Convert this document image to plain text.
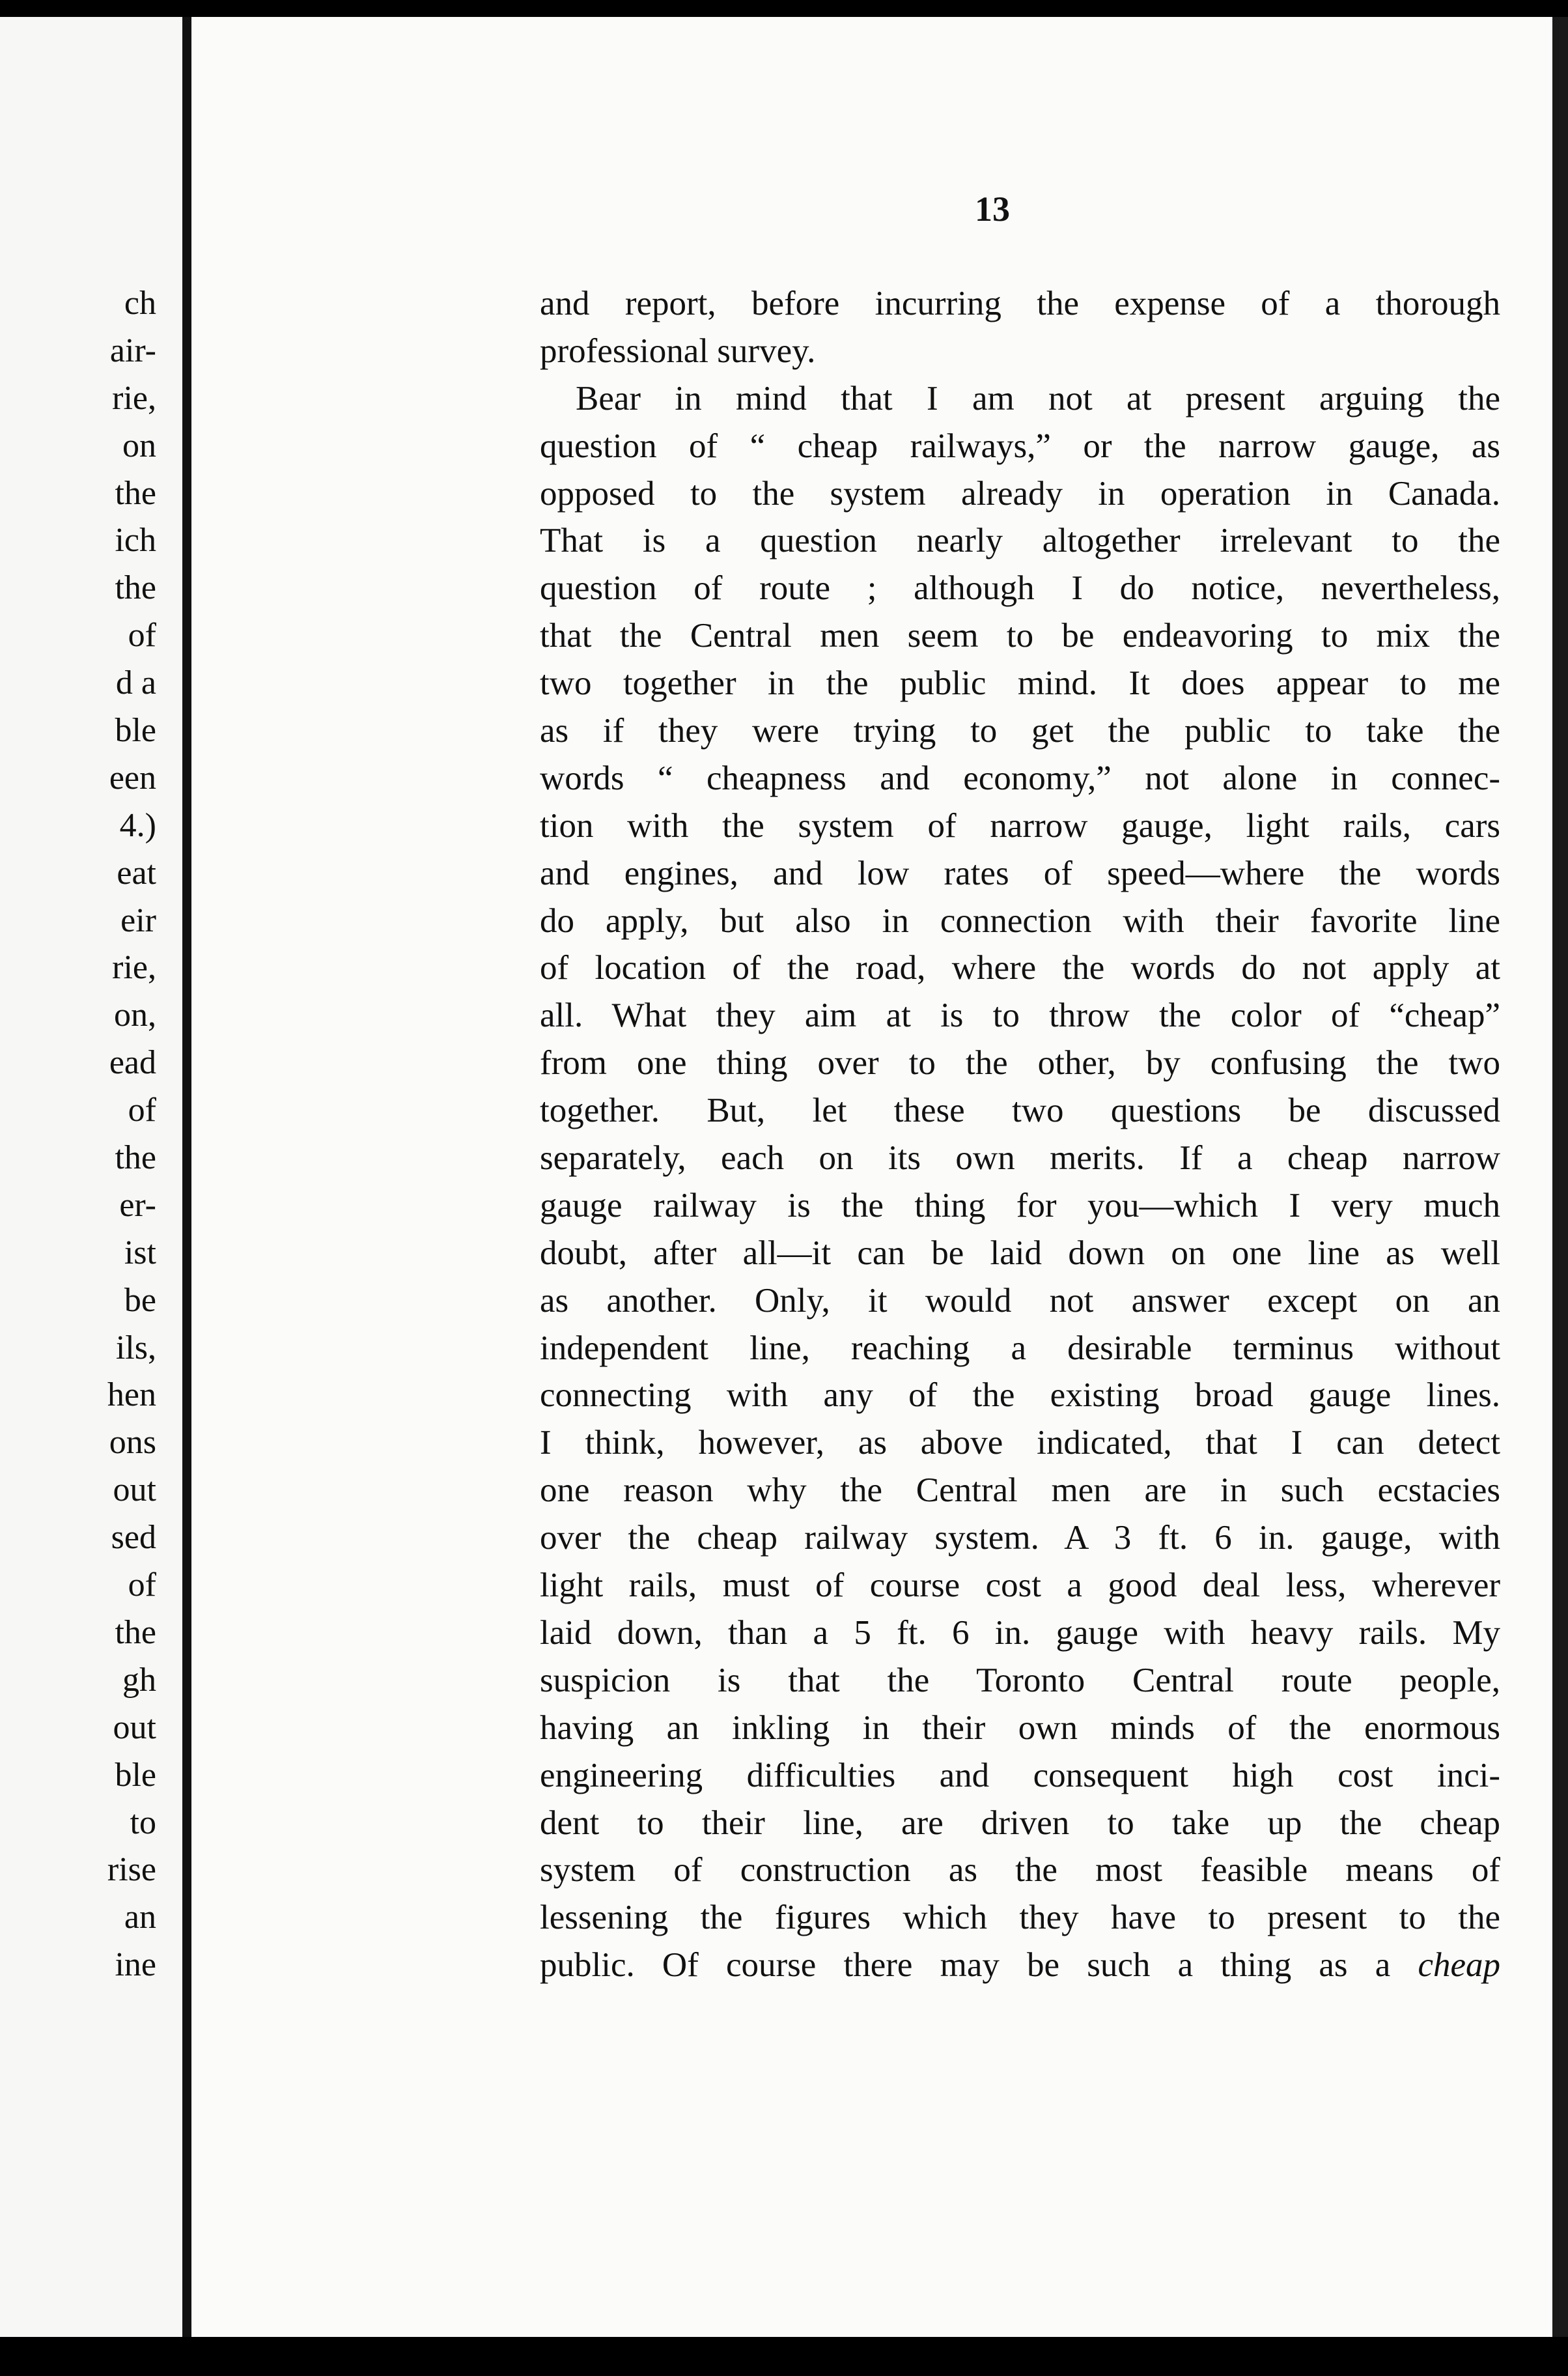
ch
air-
rie,
on
the
ich
the
of
d a
ble
een
4.)
eat
eir
rie,
on,
ead
of
the
er-
ist
be
ils,
hen
ons
out
sed
of
the
gh
out
ble
to
rise
an
ine
13
and report, before incurring the expense of a thorough
professional survey.
Bear in mind that I am not at present arguing the
question of “ cheap railways,” or the narrow gauge, as
opposed to the system already in operation in Canada.
That is a question nearly altogether irrelevant to the
question of route ; although I do notice, nevertheless,
that the Central men seem to be endeavoring to mix the
two together in the public mind. It does appear to me
as if they were trying to get the public to take the
words “ cheapness and economy,” not alone in connec-
tion with the system of narrow gauge, light rails, cars
and engines, and low rates of speed—where the words
do apply, but also in connection with their favorite line
of location of the road, where the words do not apply at
all. What they aim at is to throw the color of “cheap”
from one thing over to the other, by confusing the two
together. But, let these two questions be discussed
separately, each on its own merits. If a cheap narrow
gauge railway is the thing for you—which I very much
doubt, after all—it can be laid down on one line as well
as another. Only, it would not answer except on an
independent line, reaching a desirable terminus without
connecting with any of the existing broad gauge lines.
I think, however, as above indicated, that I can detect
one reason why the Central men are in such ecstacies
over the cheap railway system. A 3 ft. 6 in. gauge, with
light rails, must of course cost a good deal less, wherever
laid down, than a 5 ft. 6 in. gauge with heavy rails. My
suspicion is that the Toronto Central route people,
having an inkling in their own minds of the enormous
engineering difficulties and consequent high cost inci-
dent to their line, are driven to take up the cheap
system of construction as the most feasible means of
lessening the figures which they have to present to the
public. Of course there may be such a thing as a cheap
